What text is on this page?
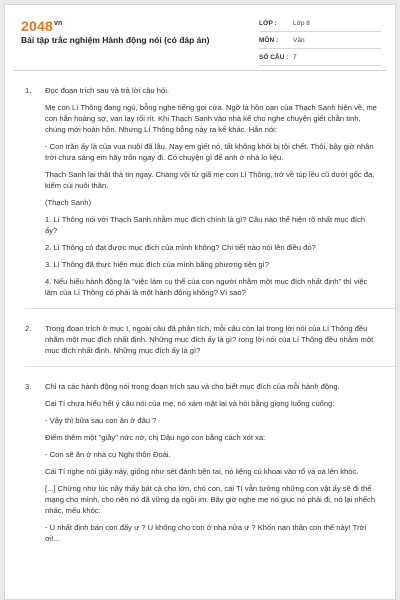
$2048^{vn}$
Bài tập trắc nghiệm Hành động nói (có đáp án)
LỚP :	Lớp 8
MÔN :	Văn
SỐ CÂU : 7
1. Đọc đoạn trích sau và trả lời câu hỏi.

Mẹ con Lí Thông đang ngủ, bỗng nghe tiếng gọi cửa. Ngỡ là hồn oan của Thạch Sanh hiện về, mẹ con hắn hoảng sợ, van lạy rối rít. Khi Thạch Sanh vào nhà kể cho nghe chuyện giết chằn tinh, chúng mới hoàn hồn. Nhưng Lí Thông bỗng nảy ra kế khác. Hắn nói:

- Con trăn ấy là của vua nuôi đã lâu. Nay em giết nó, tất không khỏi bị tội chết. Thôi, bây giờ nhân trời chưa sáng em hãy trốn ngay đi. Có chuyện gì để anh ở nhà lo liệu.

Thạch Sanh lại thật thà tin ngay. Chàng vội từ giã mẹ con Lí Thông, trở về túp lều cũ dưới gốc đa, kiếm củi nuôi thân.

(Thạch Sanh)

1. Lí Thông nói với Thạch Sanh nhằm mục đích chính là gì? Câu nào thể hiện rõ nhất mục đích ấy?

2. Lí Thông có đạt được mục đích của mình không? Chi tiết nào nói lên điều đó?

3. Lí Thông đã thực hiện mục đích của mình bằng phương tiện gì?

4. Nếu hiểu hành động là "việc làm cụ thể của con người nhằm một mục đích nhất định" thì việc làm của Lí Thông có phải là một hành động không? Vì sao?

2. Trong đoạn trích ở mục I, ngoài câu đã phân tích, mỗi câu còn lại trong lời nói của Lí Thông đều nhằm một mục đích nhất định. Những mục đích ấy là gì? rong lời nói của Lí Thông đều nhằm một mục đích nhất định. Những mục đích ấy là gì?

3. Chỉ ra các hành động nói trong đoạn trích sau và cho biết mục đích của mỗi hành động.

Cai Tí chưa hiểu hết ý câu nói của mẹ, nó xám mặt lại và hỏi bằng giọng luống cuống:

- Vậy thì bữa sau con ăn ở đâu ?

Điếm thêm một "giây" nức nở, chị Dậu ngó con bằng cách xót xa:

- Con sẽ ăn ở nhà cụ Nghị thôn Đoài.

Cái Tí nghe nói giãy nảy, giống như sét đánh bên tai, nó liệng củ khoai vào rổ và oà lên khóc.

[...] Chừng như lúc nãy thấy bát cả cho lớn, chó con, cái Tí vẫn tưởng những con vật ấy sẽ đi thế mạng cho mình, cho nên nó đã vững dạ ngồi im. Bây giờ nghe mẹ nó giục nó phải đi, nó lại nhếch nhác, mếu khóc:

- U nhất định bán con đấy ư ? U không cho con ở nhà nữa ư ? Khốn nạn thân con thế này! Trời ơi!...
